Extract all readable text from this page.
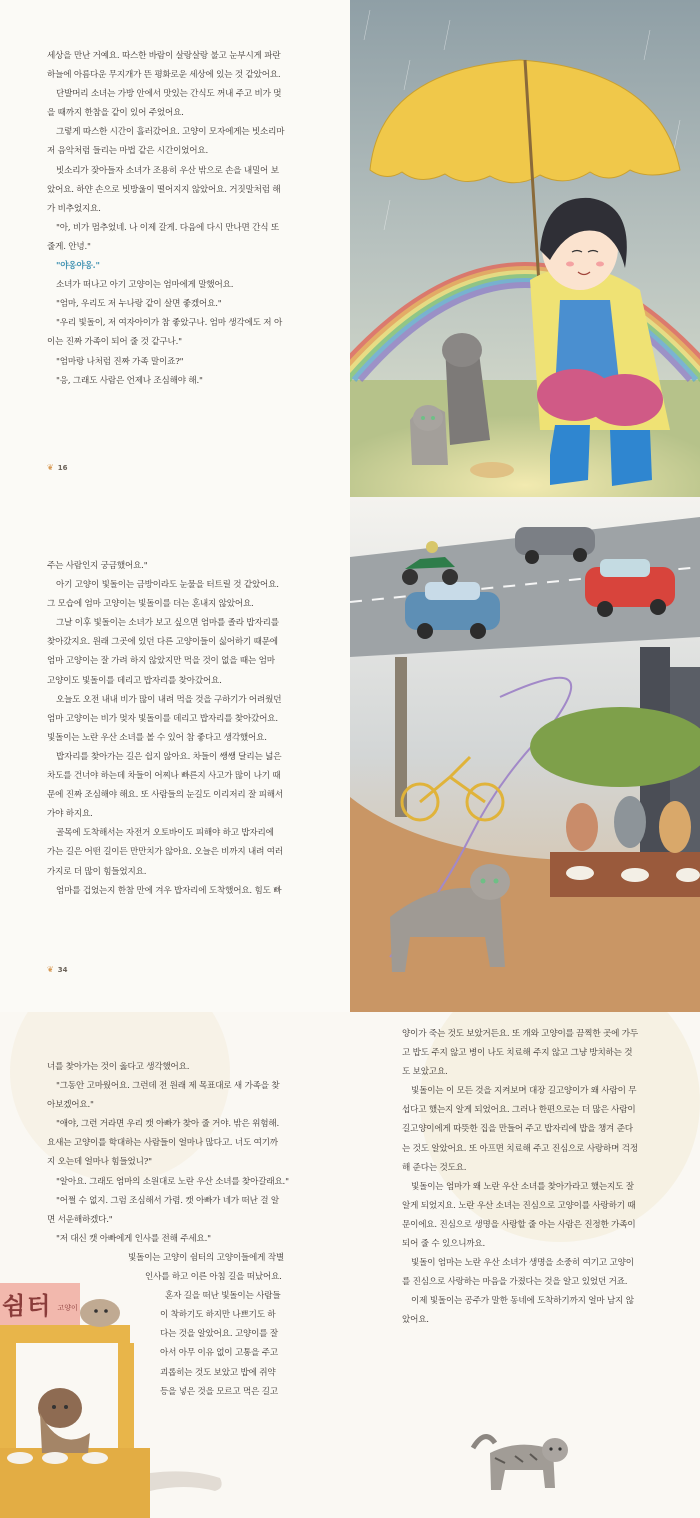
세상을 만난 거예요. 따스한 바람이 살랑살랑 불고 눈부시게 파란

하늘에 아름다운 무지개가 뜬 평화로운 세상에 있는 것 같았어요.

단발머리 소녀는 가방 안에서 맛있는 간식도 꺼내 주고 비가 멎

을 때까지 한참을 같이 있어 주었어요.

그렇게 따스한 시간이 흘러갔어요. 고양이 모자에게는 빗소리마

저 음악처럼 들리는 마법 같은 시간이었어요.

빗소리가 잦아들자 소녀가 조용히 우산 밖으로 손을 내밀어 보

았어요. 하얀 손으로 빗방울이 떨어지지 않았어요. 거짓말처럼 해

가 비추었지요.

"아, 비가 멈추었네. 나 이제 갈게. 다음에 다시 만나면 간식 또

줄게. 안녕."

"야옹야옹."

소녀가 떠나고 아기 고양이는 엄마에게 말했어요.

"엄마, 우리도 저 누나랑 같이 살면 좋겠어요."

"우리 빛돌이, 저 여자아이가 참 좋았구나. 엄마 생각에도 저 아

이는 진짜 가족이 되어 줄 것 같구나."

"엄마랑 나처럼 진짜 가족 말이죠?"

"응, 그래도 사람은 언제나 조심해야 해."

❦ 16

주는 사람인지 궁금했어요."

아기 고양이 빛돌이는 금방이라도 눈물을 터트릴 것 같았어요.

그 모습에 엄마 고양이는 빛돌이를 더는 혼내지 않았어요.

그날 이후 빛돌이는 소녀가 보고 싶으면 엄마를 졸라 밥자리를

찾아갔지요. 원래 그곳에 있던 다른 고양이들이 싫어하기 때문에

엄마 고양이는 잘 가려 하지 않았지만 먹을 것이 없을 때는 엄마

고양이도 빛돌이를 데리고 밥자리를 찾아갔어요.

오늘도 오전 내내 비가 많이 내려 먹을 것을 구하기가 어려웠던

엄마 고양이는 비가 멎자 빛돌이를 데리고 밥자리를 찾아갔어요.

빛돌이는 노란 우산 소녀를 볼 수 있어 참 좋다고 생각했어요.

밥자리를 찾아가는 길은 쉽지 않아요. 차들이 쌩쌩 달리는 넓은

차도를 건너야 하는데 차들이 어찌나 빠른지 사고가 많이 나기 때

문에 진짜 조심해야 해요. 또 사람들의 눈길도 이리저리 잘 피해서

가야 하지요.

골목에 도착해서는 자전거 오토바이도 피해야 하고 밥자리에

가는 길은 어떤 길이든 만만치가 않아요. 오늘은 비까지 내려 여러

가지로 더 많이 힘들었지요.

엄마를 겁었는지 한참 만에 겨우 밥자리에 도착했어요. 힘도 빠

❦ 34

너를 찾아가는 것이 옳다고 생각했어요.

"그동안 고마웠어요. 그런데 전 원래 제 목표대로 새 가족을 찾

아보겠어요."

"애야, 그런 거라면 우리 캣 아빠가 찾아 줄 거야. 밖은 위험해.

요새는 고양이를 학대하는 사람들이 얼마나 많다고. 너도 여기까

지 오는데 얼마나 힘들었니?"

"알아요. 그래도 엄마의 소원대로 노란 우산 소녀를 찾아갈래요."

"어쩔 수 없지. 그럼 조심해서 가렴. 캣 아빠가 네가 떠난 걸 알

면 서운해하겠다."

"저 대신 캣 아빠에게 인사를 전해 주세요."

빛돌이는 고양이 쉼터의 고양이들에게 작별

인사를 하고 이른 아침 길을 떠났어요.

혼자 길을 떠난 빛돌이는 사람들

이 착하기도 하지만 나쁘기도 하

다는 것을 알았어요. 고양이를 잘

아서 아무 이유 없이 고통을 주고

괴롭히는 것도 보았고 밥에 쥐약

등을 넣은 것을 모르고 먹은 길고

양이가 죽는 것도 보았거든요. 또 개와 고양이를 끔찍한 곳에 가두

고 밥도 주지 않고 병이 나도 치료해 주지 않고 그냥 방치하는 것

도 보았고요.

빛돌이는 이 모든 것을 지켜보며 대장 길고양이가 왜 사람이 무

섭다고 했는지 알게 되었어요. 그러나 한편으로는 더 많은 사람이

길고양이에게 따뜻한 집을 만들어 주고 밥자리에 밥을 챙겨 준다

는 것도 알았어요. 또 아프면 치료해 주고 진심으로 사랑하며 걱정

해 준다는 것도요.

빛돌이는 엄마가 왜 노란 우산 소녀를 찾아가라고 했는지도 잘

알게 되었지요. 노란 우산 소녀는 진심으로 고양이를 사랑하기 때

문이에요. 진심으로 생명을 사랑할 줄 아는 사람은 진정한 가족이

되어 줄 수 있으니까요.

빛돌이 엄마는 노란 우산 소녀가 생명을 소중히 여기고 고양이

를 진심으로 사랑하는 마음을 가졌다는 것을 알고 있었던 거죠.

이제 빛돌이는 공주가 말한 동네에 도착하기까지 얼마 남지 않

았어요.

쉼터 $^{고양이}$
